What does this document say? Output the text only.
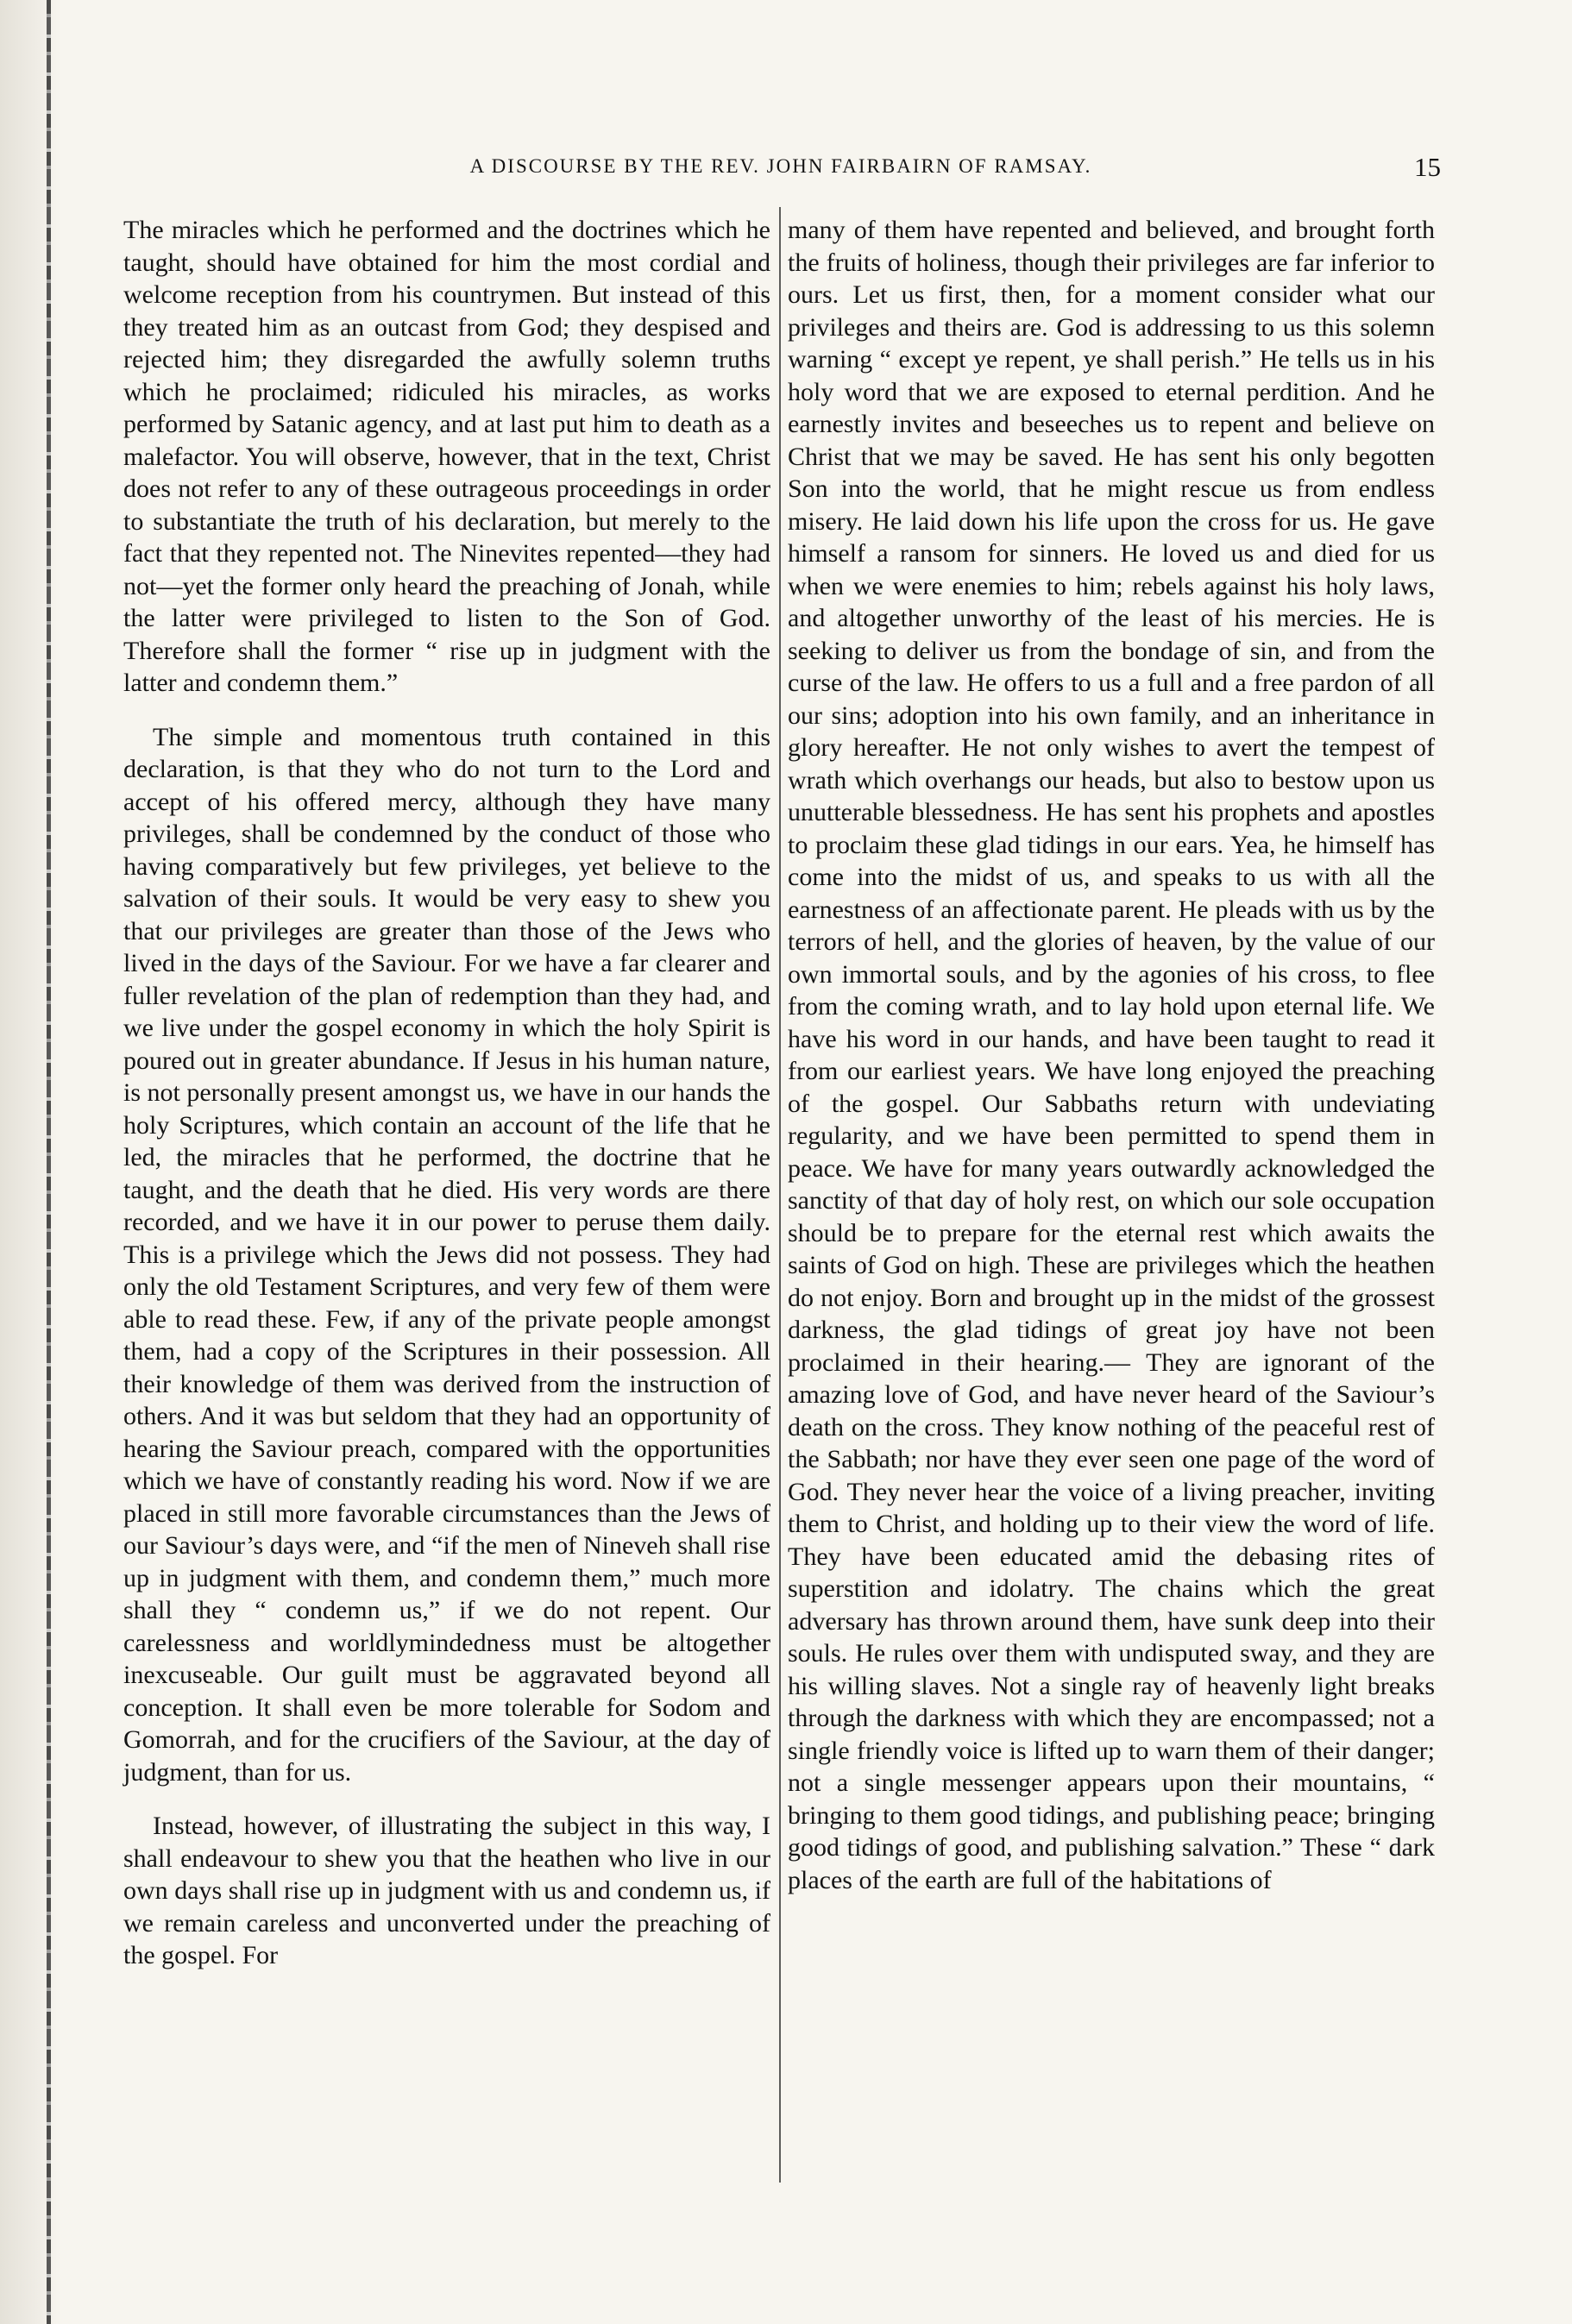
A DISCOURSE BY THE REV. JOHN FAIRBAIRN OF RAMSAY.	15

The miracles which he performed and the doctrines which he taught, should have obtained for him the most cordial and welcome reception from his countrymen. But instead of this they treated him as an outcast from God; they despised and rejected him; they disregarded the awfully solemn truths which he proclaimed; ridiculed his miracles, as works performed by Satanic agency, and at last put him to death as a malefactor. You will observe, however, that in the text, Christ does not refer to any of these outrageous proceedings in order to substantiate the truth of his declaration, but merely to the fact that they repented not. The Ninevites repented—they had not—yet the former only heard the preaching of Jonah, while the latter were privileged to listen to the Son of God. Therefore shall the former “ rise up in judgment with the latter and condemn them.”

The simple and momentous truth contained in this declaration, is that they who do not turn to the Lord and accept of his offered mercy, although they have many privileges, shall be condemned by the conduct of those who having comparatively but few privileges, yet believe to the salvation of their souls. It would be very easy to shew you that our privileges are greater than those of the Jews who lived in the days of the Saviour. For we have a far clearer and fuller revelation of the plan of redemption than they had, and we live under the gospel economy in which the holy Spirit is poured out in greater abundance. If Jesus in his human nature, is not personally present amongst us, we have in our hands the holy Scriptures, which contain an account of the life that he led, the miracles that he performed, the doctrine that he taught, and the death that he died. His very words are there recorded, and we have it in our power to peruse them daily. This is a privilege which the Jews did not possess. They had only the old Testament Scriptures, and very few of them were able to read these. Few, if any of the private people amongst them, had a copy of the Scriptures in their possession. All their knowledge of them was derived from the instruction of others. And it was but seldom that they had an opportunity of hearing the Saviour preach, compared with the opportunities which we have of constantly reading his word. Now if we are placed in still more favorable circumstances than the Jews of our Saviour’s days were, and “if the men of Nineveh shall rise up in judgment with them, and condemn them,” much more shall they “ condemn us,” if we do not repent. Our carelessness and worldlymindedness must be altogether inexcuseable. Our guilt must be aggravated beyond all conception. It shall even be more tolerable for Sodom and Gomorrah, and for the crucifiers of the Saviour, at the day of judgment, than for us.

Instead, however, of illustrating the subject in this way, I shall endeavour to shew you that the heathen who live in our own days shall rise up in judgment with us and condemn us, if we remain careless and unconverted under the preaching of the gospel. For

many of them have repented and believed, and brought forth the fruits of holiness, though their privileges are far inferior to ours. Let us first, then, for a moment consider what our privileges and theirs are. God is addressing to us this solemn warning “ except ye repent, ye shall perish.” He tells us in his holy word that we are exposed to eternal perdition. And he earnestly invites and beseeches us to repent and believe on Christ that we may be saved. He has sent his only begotten Son into the world, that he might rescue us from endless misery. He laid down his life upon the cross for us. He gave himself a ransom for sinners. He loved us and died for us when we were enemies to him; rebels against his holy laws, and altogether unworthy of the least of his mercies. He is seeking to deliver us from the bondage of sin, and from the curse of the law. He offers to us a full and a free pardon of all our sins; adoption into his own family, and an inheritance in glory hereafter. He not only wishes to avert the tempest of wrath which overhangs our heads, but also to bestow upon us unutterable blessedness. He has sent his prophets and apostles to proclaim these glad tidings in our ears. Yea, he himself has come into the midst of us, and speaks to us with all the earnestness of an affectionate parent. He pleads with us by the terrors of hell, and the glories of heaven, by the value of our own immortal souls, and by the agonies of his cross, to flee from the coming wrath, and to lay hold upon eternal life. We have his word in our hands, and have been taught to read it from our earliest years. We have long enjoyed the preaching of the gospel. Our Sabbaths return with undeviating regularity, and we have been permitted to spend them in peace. We have for many years outwardly acknowledged the sanctity of that day of holy rest, on which our sole occupation should be to prepare for the eternal rest which awaits the saints of God on high. These are privileges which the heathen do not enjoy. Born and brought up in the midst of the grossest darkness, the glad tidings of great joy have not been proclaimed in their hearing.— They are ignorant of the amazing love of God, and have never heard of the Saviour’s death on the cross. They know nothing of the peaceful rest of the Sabbath; nor have they ever seen one page of the word of God. They never hear the voice of a living preacher, inviting them to Christ, and holding up to their view the word of life. They have been educated amid the debasing rites of superstition and idolatry. The chains which the great adversary has thrown around them, have sunk deep into their souls. He rules over them with undisputed sway, and they are his willing slaves. Not a single ray of heavenly light breaks through the darkness with which they are encompassed; not a single friendly voice is lifted up to warn them of their danger; not a single messenger appears upon their mountains, “ bringing to them good tidings, and publishing peace; bringing good tidings of good, and publishing salvation.” These “ dark places of the earth are full of the habitations of
